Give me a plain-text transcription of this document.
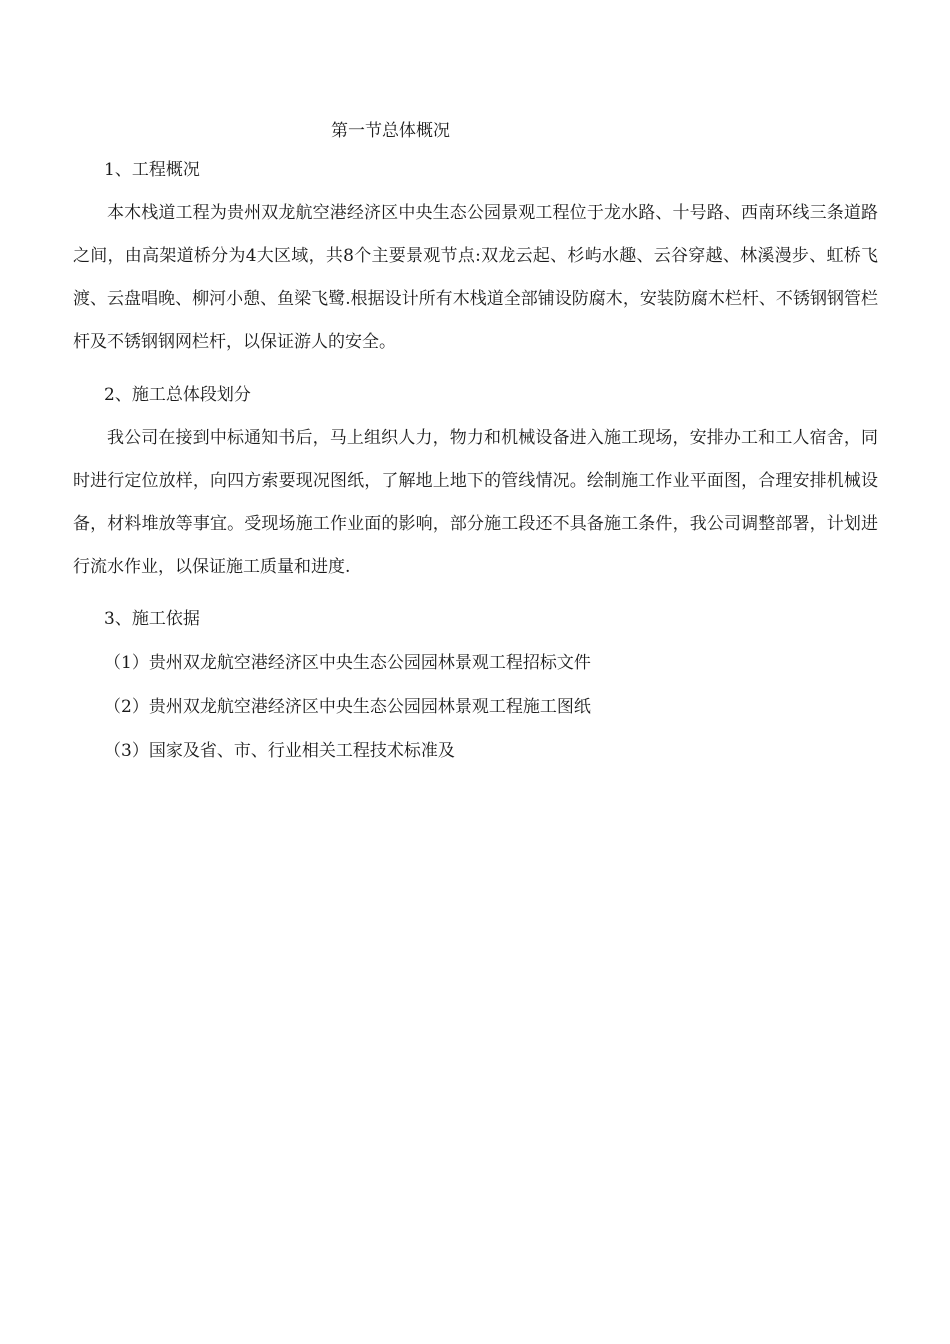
第一节总体概况
1、工程概况

本木栈道工程为贵州双龙航空港经济区中央生态公园景观工程位于龙水路、十号路、西南环线三条道路之间，由高架道桥分为4大区域，共8个主要景观节点:双龙云起、杉屿水趣、云谷穿越、林溪漫步、虹桥飞渡、云盘唱晚、柳河小憩、鱼梁飞鹭.根据设计所有木栈道全部铺设防腐木，安装防腐木栏杆、不锈钢钢管栏杆及不锈钢钢网栏杆，以保证游人的安全。

2、施工总体段划分

我公司在接到中标通知书后，马上组织人力，物力和机械设备进入施工现场，安排办工和工人宿舍，同时进行定位放样，向四方索要现况图纸，了解地上地下的管线情况。绘制施工作业平面图，合理安排机械设备，材料堆放等事宜。受现场施工作业面的影响，部分施工段还不具备施工条件，我公司调整部署，计划进行流水作业，以保证施工质量和进度.

3、施工依据
（1）贵州双龙航空港经济区中央生态公园园林景观工程招标文件
（2）贵州双龙航空港经济区中央生态公园园林景观工程施工图纸
（3）国家及省、市、行业相关工程技术标准及
